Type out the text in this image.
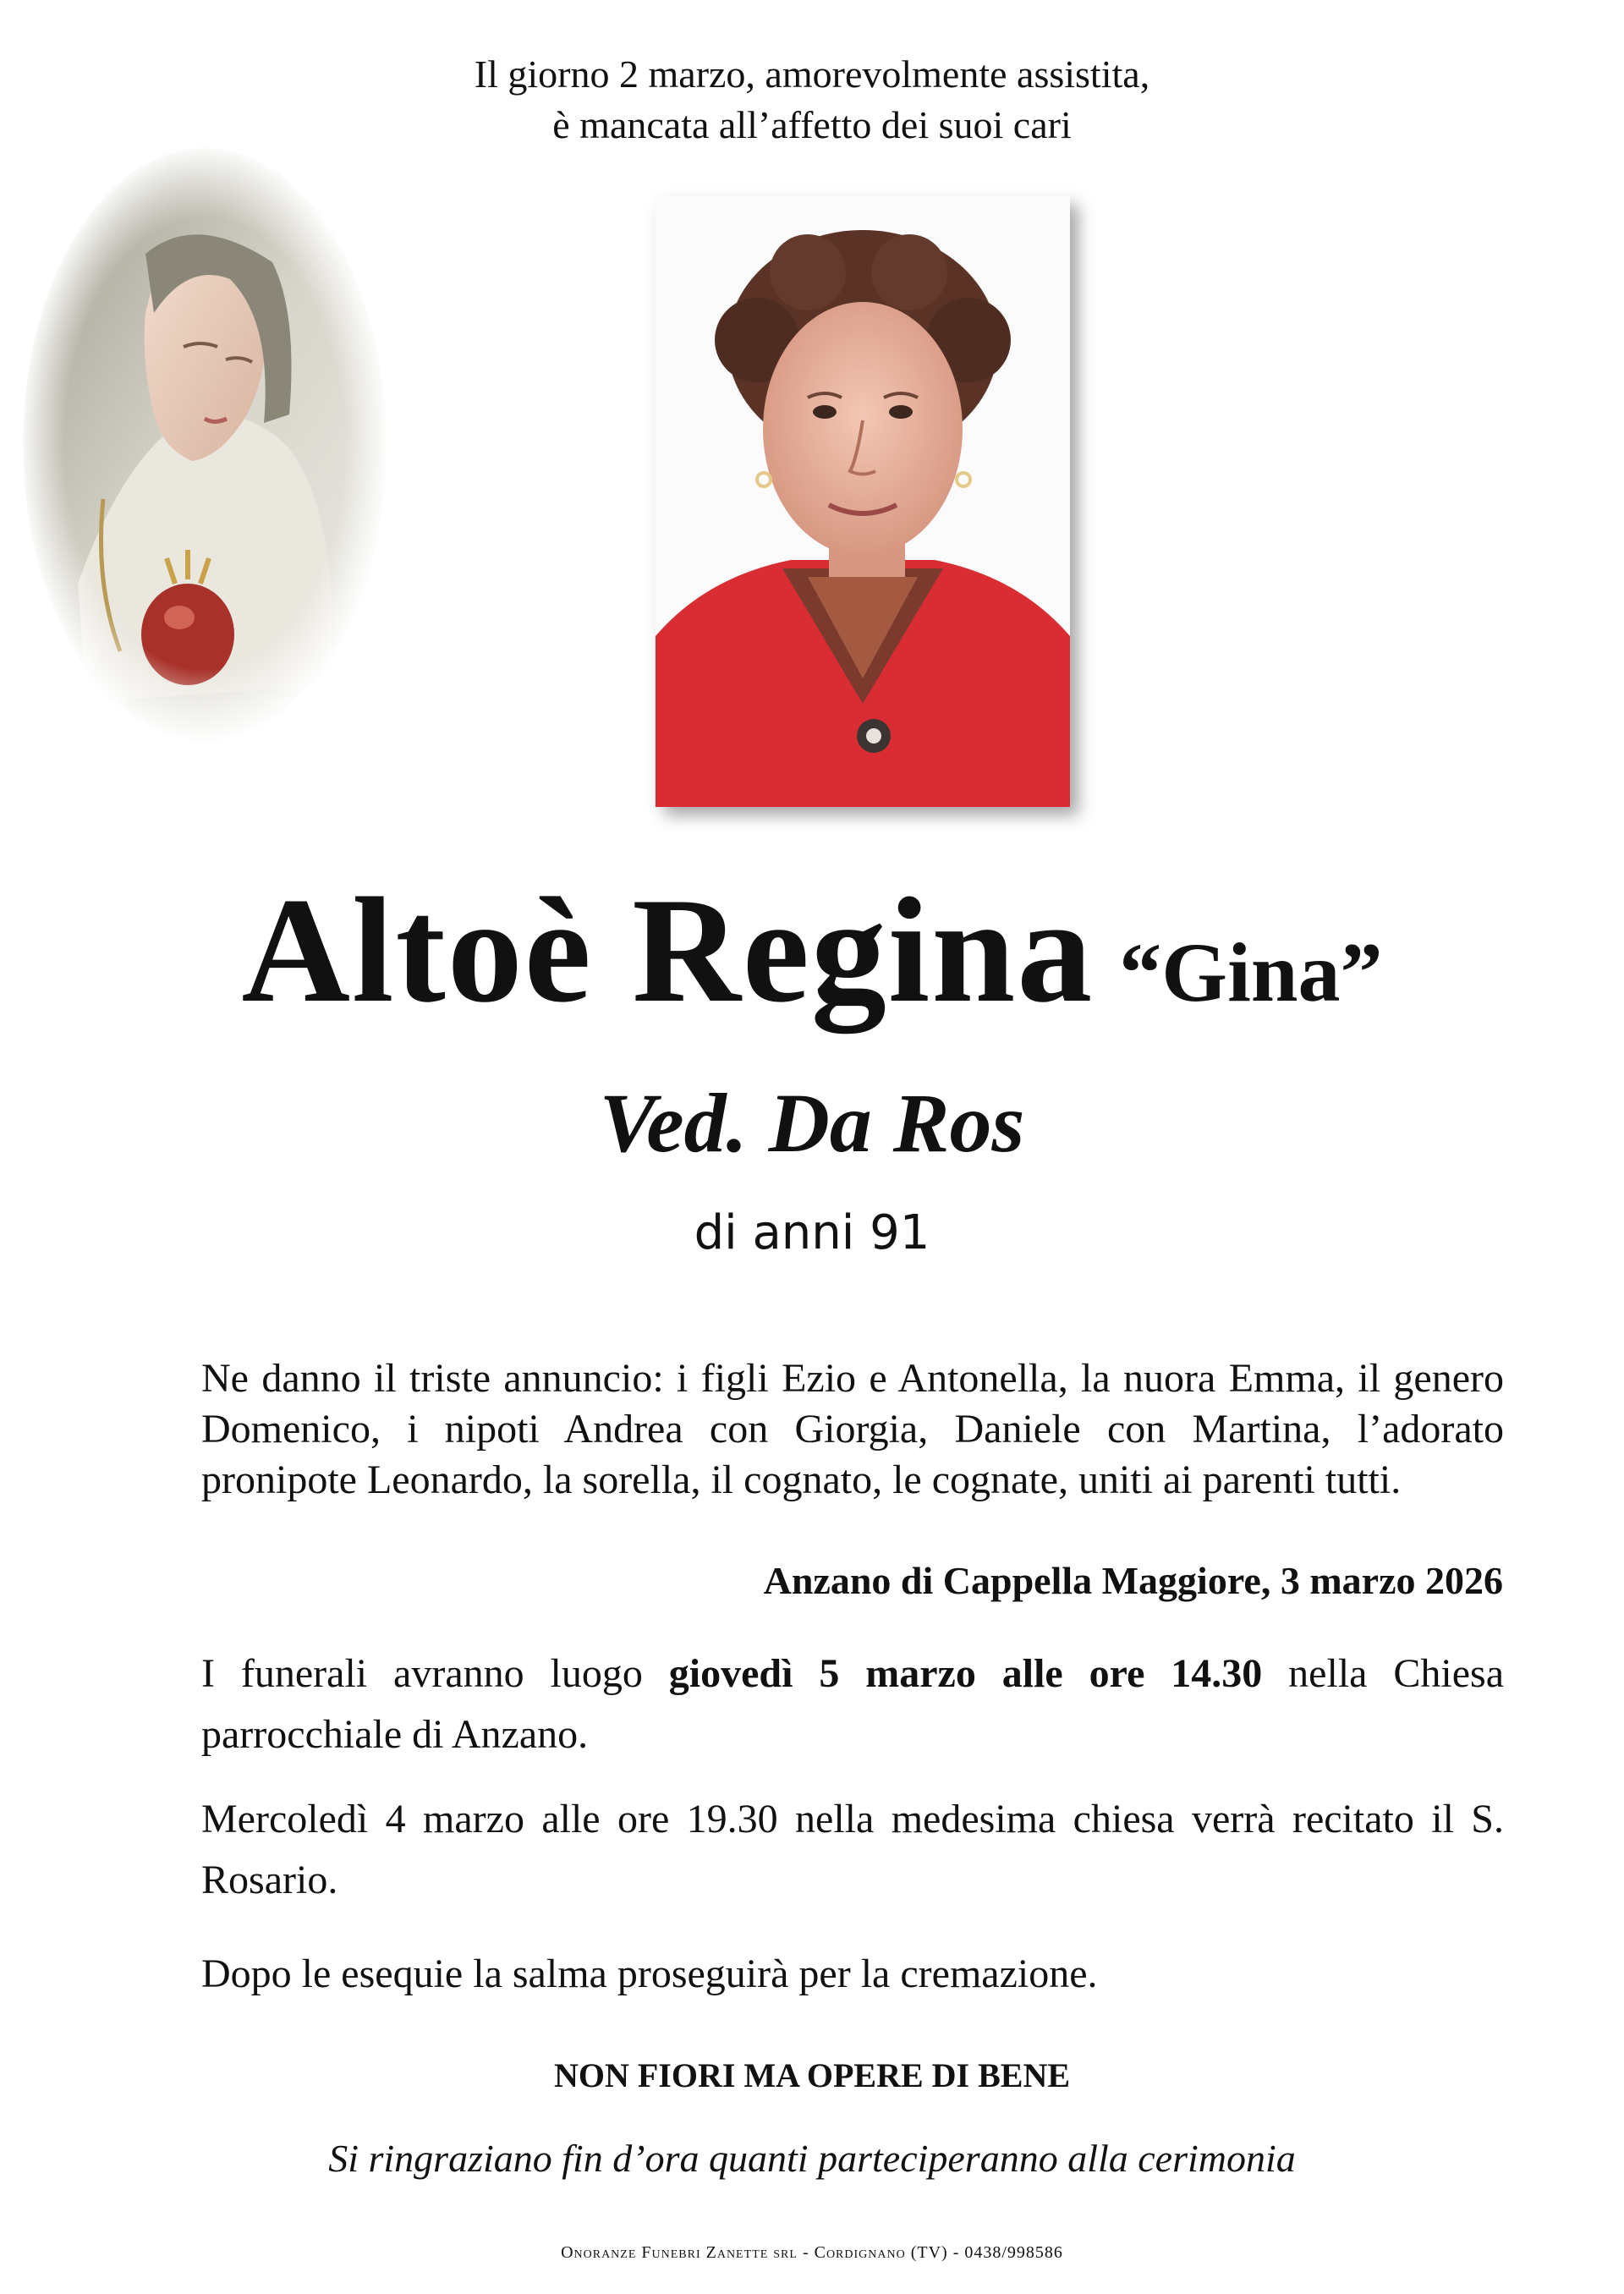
Il giorno 2 marzo, amorevolmente assistita,
è mancata all’affetto dei suoi cari
Altoè Regina “Gina”
Ved. Da Ros
di anni 91
Ne danno il triste annuncio: i figli Ezio e Antonella, la nuora Emma, il genero Domenico, i nipoti Andrea con Giorgia, Daniele con Martina, l’adorato pronipote Leonardo, la sorella, il cognato, le cognate, uniti ai parenti tutti.
Anzano di Cappella Maggiore, 3 marzo 2026
I funerali avranno luogo giovedì 5 marzo alle ore 14.30 nella Chiesa parrocchiale di Anzano.
Mercoledì 4 marzo alle ore 19.30 nella medesima chiesa verrà recitato il S. Rosario.
Dopo le esequie la salma proseguirà per la cremazione.
NON FIORI MA OPERE DI BENE
Si ringraziano fin d’ora quanti parteciperanno alla cerimonia
Onoranze Funebri Zanette srl - Cordignano (TV) - 0438/998586
